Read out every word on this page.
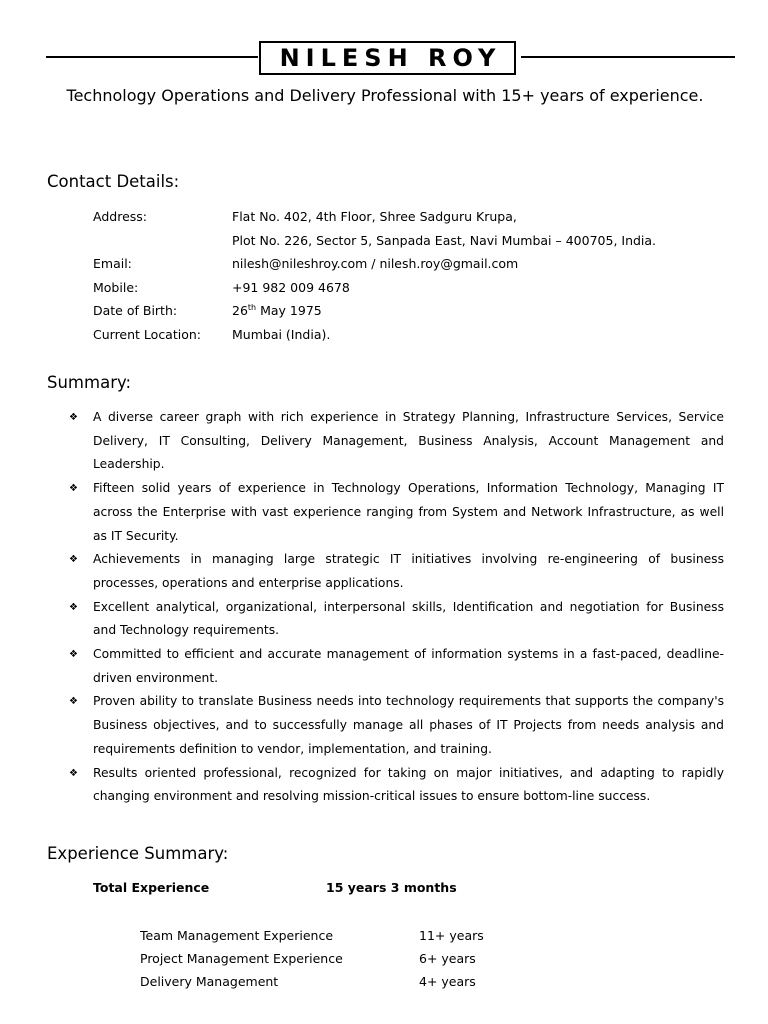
NILESH ROY
Technology Operations and Delivery Professional with 15+ years of experience.
Contact Details:
Address:	Flat No. 402, 4th Floor, Shree Sadguru Krupa,
Plot No. 226, Sector 5, Sanpada East, Navi Mumbai – 400705, India.
Email:	nilesh@nileshroy.com / nilesh.roy@gmail.com
Mobile:	+91 982 009 4678
Date of Birth:	26th May 1975
Current Location: Mumbai (India).
Summary:
❖ A diverse career graph with rich experience in Strategy Planning, Infrastructure Services, Service Delivery, IT Consulting, Delivery Management, Business Analysis, Account Management and Leadership.
❖ Fifteen solid years of experience in Technology Operations, Information Technology, Managing IT across the Enterprise with vast experience ranging from System and Network Infrastructure, as well as IT Security.
❖ Achievements in managing large strategic IT initiatives involving re-engineering of business processes, operations and enterprise applications.
❖ Excellent analytical, organizational, interpersonal skills, Identification and negotiation for Business and Technology requirements.
❖ Committed to efficient and accurate management of information systems in a fast-paced, deadline-driven environment.
❖ Proven ability to translate Business needs into technology requirements that supports the company's Business objectives, and to successfully manage all phases of IT Projects from needs analysis and requirements definition to vendor, implementation, and training.
❖ Results oriented professional, recognized for taking on major initiatives, and adapting to rapidly changing environment and resolving mission-critical issues to ensure bottom-line success.
Experience Summary:
Total Experience	15 years 3 months
Team Management Experience	11+ years
Project Management Experience	6+ years
Delivery Management	4+ years
